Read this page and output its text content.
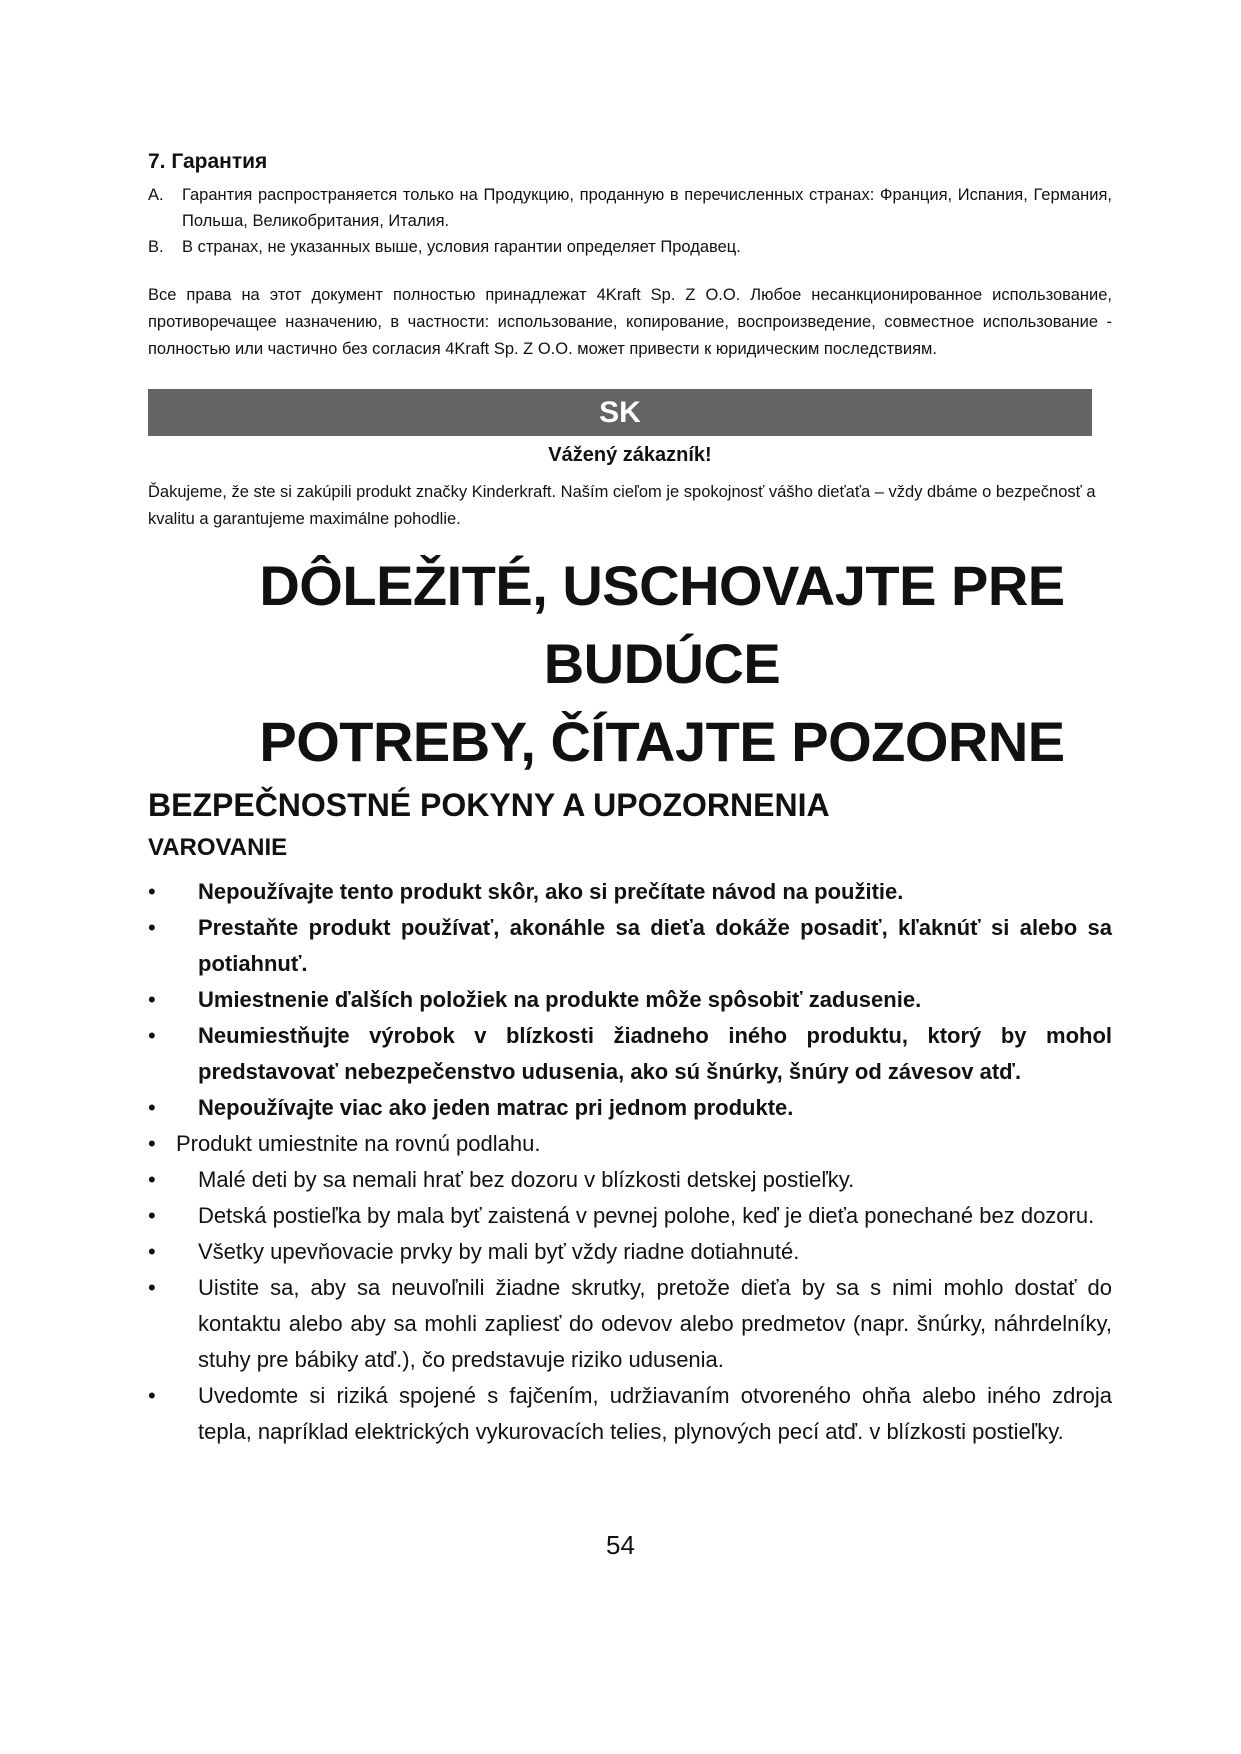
7. Гарантия
A.	Гарантия распространяется только на Продукцию, проданную в перечисленных странах: Франция, Испания, Германия, Польша, Великобритания, Италия.
B.	В странах, не указанных выше, условия гарантии определяет Продавец.
Все права на этот документ полностью принадлежат 4Kraft Sp. Z O.O. Любое несанкционированное использование, противоречащее назначению, в частности: использование, копирование, воспроизведение, совместное использование - полностью или частично без согласия 4Kraft Sp. Z O.O. может привести к юридическим последствиям.
SK
Vážený zákazník!
Ďakujeme, že ste si zakúpili produkt značky Kinderkraft. Naším cieľom je spokojnosť vášho dieťaťa – vždy dbáme o bezpečnosť a kvalitu a garantujeme maximálne pohodlie.
DÔLEŽITÉ, USCHOVAJTE PRE BUDÚCE
POTREBY, ČÍTAJTE POZORNE
BEZPEČNOSTNÉ POKYNY A UPOZORNENIA
VAROVANIE
•	Nepoužívajte tento produkt skôr, ako si prečítate návod na použitie.
•	Prestaňte produkt používať, akonáhle sa dieťa dokáže posadiť, kľaknúť si alebo sa potiahnuť.
•	Umiestnenie ďalších položiek na produkte môže spôsobiť zadusenie.
•	Neumiestňujte výrobok v blízkosti žiadneho iného produktu, ktorý by mohol predstavovať nebezpečenstvo udusenia, ako sú šnúrky, šnúry od závesov atď.
•	Nepoužívajte viac ako jeden matrac pri jednom produkte.
• Produkt umiestnite na rovnú podlahu.
•	Malé deti by sa nemali hrať bez dozoru v blízkosti detskej postieľky.
•	Detská postieľka by mala byť zaistená v pevnej polohe, keď je dieťa ponechané bez dozoru.
•	Všetky upevňovacie prvky by mali byť vždy riadne dotiahnuté.
•	Uistite sa, aby sa neuvoľnili žiadne skrutky, pretože dieťa by sa s nimi mohlo dostať do kontaktu alebo aby sa mohli zapliesť do odevov alebo predmetov (napr. šnúrky, náhrdelníky, stuhy pre bábiky atď.), čo predstavuje riziko udusenia.
•	Uvedomte si riziká spojené s fajčením, udržiavaním otvoreného ohňa alebo iného zdroja tepla, napríklad elektrických vykurovacích telies, plynových pecí atď. v blízkosti postieľky.
54
